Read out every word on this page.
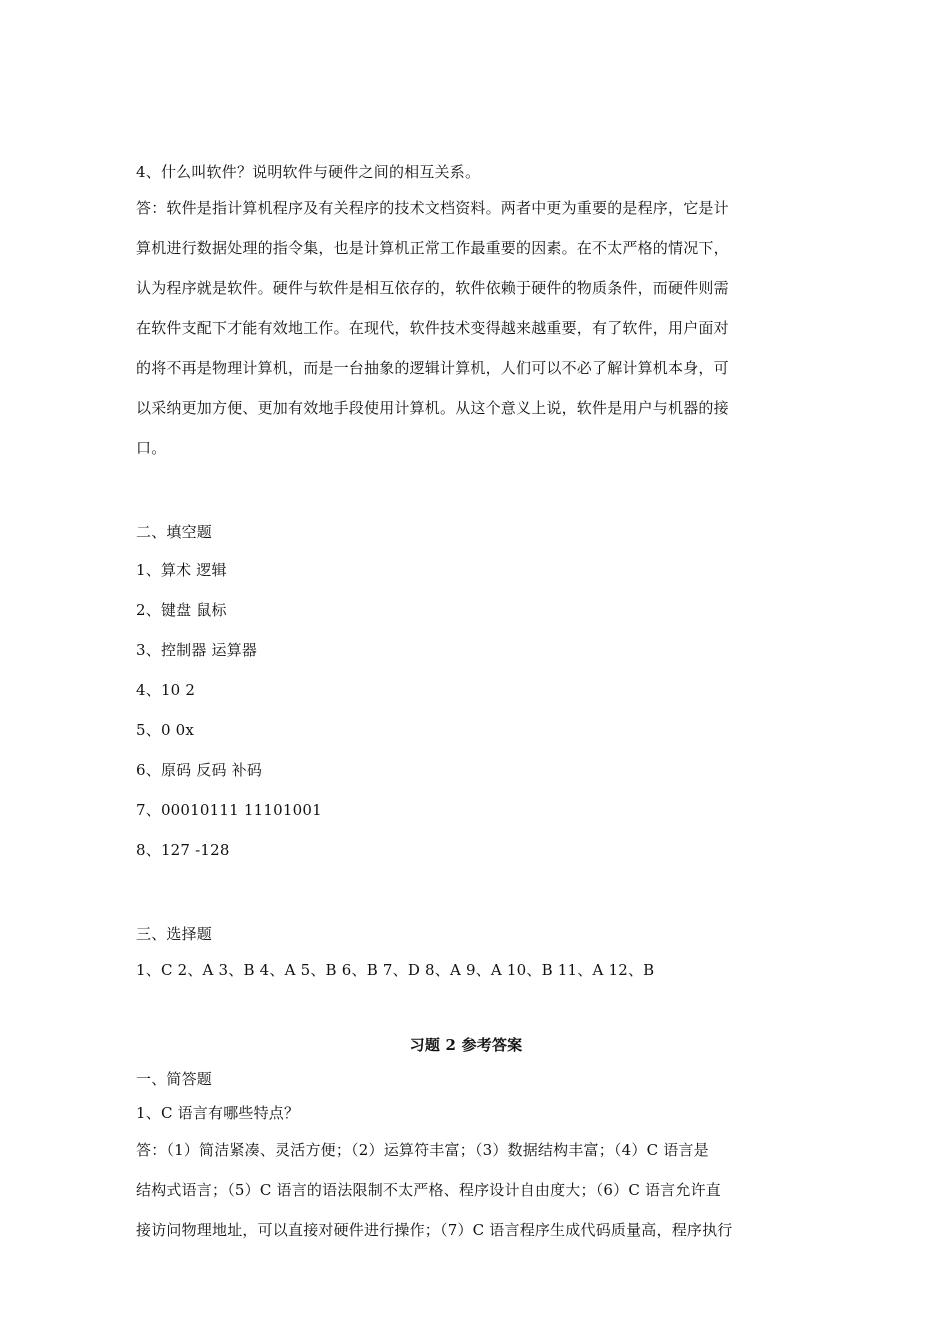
4、什么叫软件？说明软件与硬件之间的相互关系。
答：软件是指计算机程序及有关程序的技术文档资料。两者中更为重要的是程序，它是计
算机进行数据处理的指令集，也是计算机正常工作最重要的因素。在不太严格的情况下，
认为程序就是软件。硬件与软件是相互依存的，软件依赖于硬件的物质条件，而硬件则需
在软件支配下才能有效地工作。在现代，软件技术变得越来越重要，有了软件，用户面对
的将不再是物理计算机，而是一台抽象的逻辑计算机，人们可以不必了解计算机本身，可
以采纳更加方便、更加有效地手段使用计算机。从这个意义上说，软件是用户与机器的接
口。
二、填空题
1、算术 逻辑
2、键盘 鼠标
3、控制器 运算器
4、10 2
5、0 0x
6、原码 反码 补码
7、00010111 11101001
8、127 -128
三、选择题
1、C 2、A 3、B 4、A 5、B 6、B 7、D 8、A 9、A 10、B 11、A 12、B
习题 2 参考答案
一、简答题
1、C 语言有哪些特点？
答：（1）简洁紧凑、灵活方便；（2）运算符丰富；（3）数据结构丰富；（4）C 语言是
结构式语言；（5）C 语言的语法限制不太严格、程序设计自由度大；（6）C 语言允许直
接访问物理地址，可以直接对硬件进行操作；（7）C 语言程序生成代码质量高，程序执行
